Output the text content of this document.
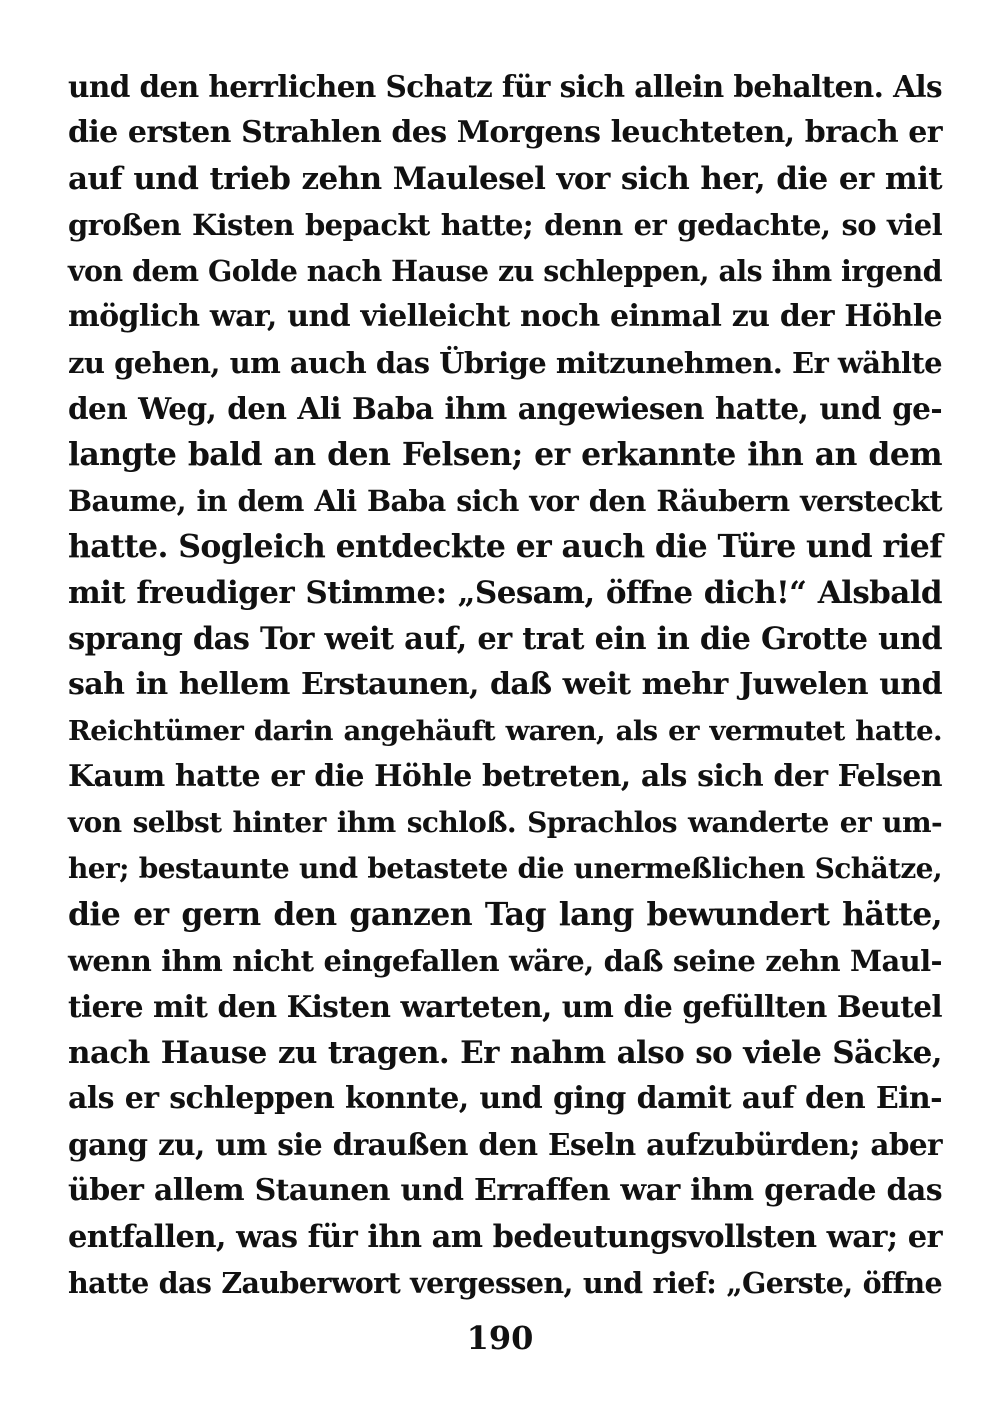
und den herrlichen Schatz für sich allein behalten. Als
die ersten Strahlen des Morgens leuchteten, brach er
auf und trieb zehn Maulesel vor sich her, die er mit
großen Kisten bepackt hatte; denn er gedachte, so viel
von dem Golde nach Hause zu schleppen, als ihm irgend
möglich war, und vielleicht noch einmal zu der Höhle
zu gehen, um auch das Übrige mitzunehmen. Er wählte
den Weg, den Ali Baba ihm angewiesen hatte, und ge-
langte bald an den Felsen; er erkannte ihn an dem
Baume, in dem Ali Baba sich vor den Räubern versteckt
hatte. Sogleich entdeckte er auch die Türe und rief
mit freudiger Stimme: „Sesam, öffne dich!“ Alsbald
sprang das Tor weit auf, er trat ein in die Grotte und
sah in hellem Erstaunen, daß weit mehr Juwelen und
Reichtümer darin angehäuft waren, als er vermutet hatte.
Kaum hatte er die Höhle betreten, als sich der Felsen
von selbst hinter ihm schloß. Sprachlos wanderte er um-
her; bestaunte und betastete die unermeßlichen Schätze,
die er gern den ganzen Tag lang bewundert hätte,
wenn ihm nicht eingefallen wäre, daß seine zehn Maul-
tiere mit den Kisten warteten, um die gefüllten Beutel
nach Hause zu tragen. Er nahm also so viele Säcke,
als er schleppen konnte, und ging damit auf den Ein-
gang zu, um sie draußen den Eseln aufzubürden; aber
über allem Staunen und Erraffen war ihm gerade das
entfallen, was für ihn am bedeutungsvollsten war; er
hatte das Zauberwort vergessen, und rief: „Gerste, öffne
190
